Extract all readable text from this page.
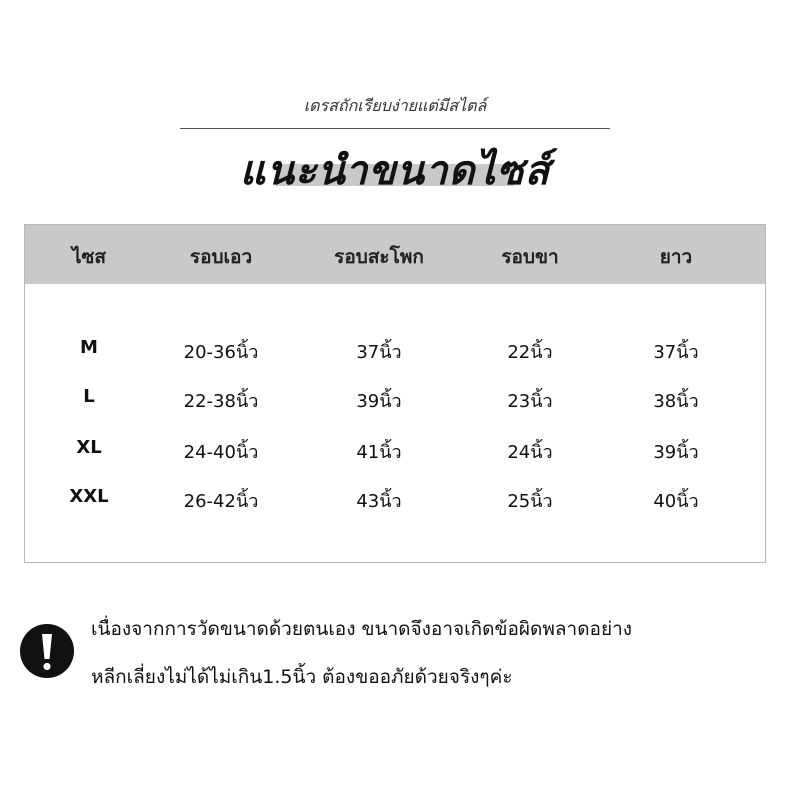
เดรสถักเรียบง่ายแต่มีสไตล์
แนะนำขนาดไซส์
ไซส	รอบเอว	รอบสะโพก	รอบขา	ยาว
M	20-36นิ้ว	37นิ้ว	22นิ้ว	37นิ้ว
L	22-38นิ้ว	39นิ้ว	23นิ้ว	38นิ้ว
XL	24-40นิ้ว	41นิ้ว	24นิ้ว	39นิ้ว
XXL	26-42นิ้ว	43นิ้ว	25นิ้ว	40นิ้ว
เนื่องจากการวัดขนาดด้วยตนเอง ขนาดจึงอาจเกิดข้อผิดพลาดอย่าง
หลีกเลี่ยงไม่ได้ไม่เกิน1.5นิ้ว ต้องขออภัยด้วยจริงๆค่ะ
